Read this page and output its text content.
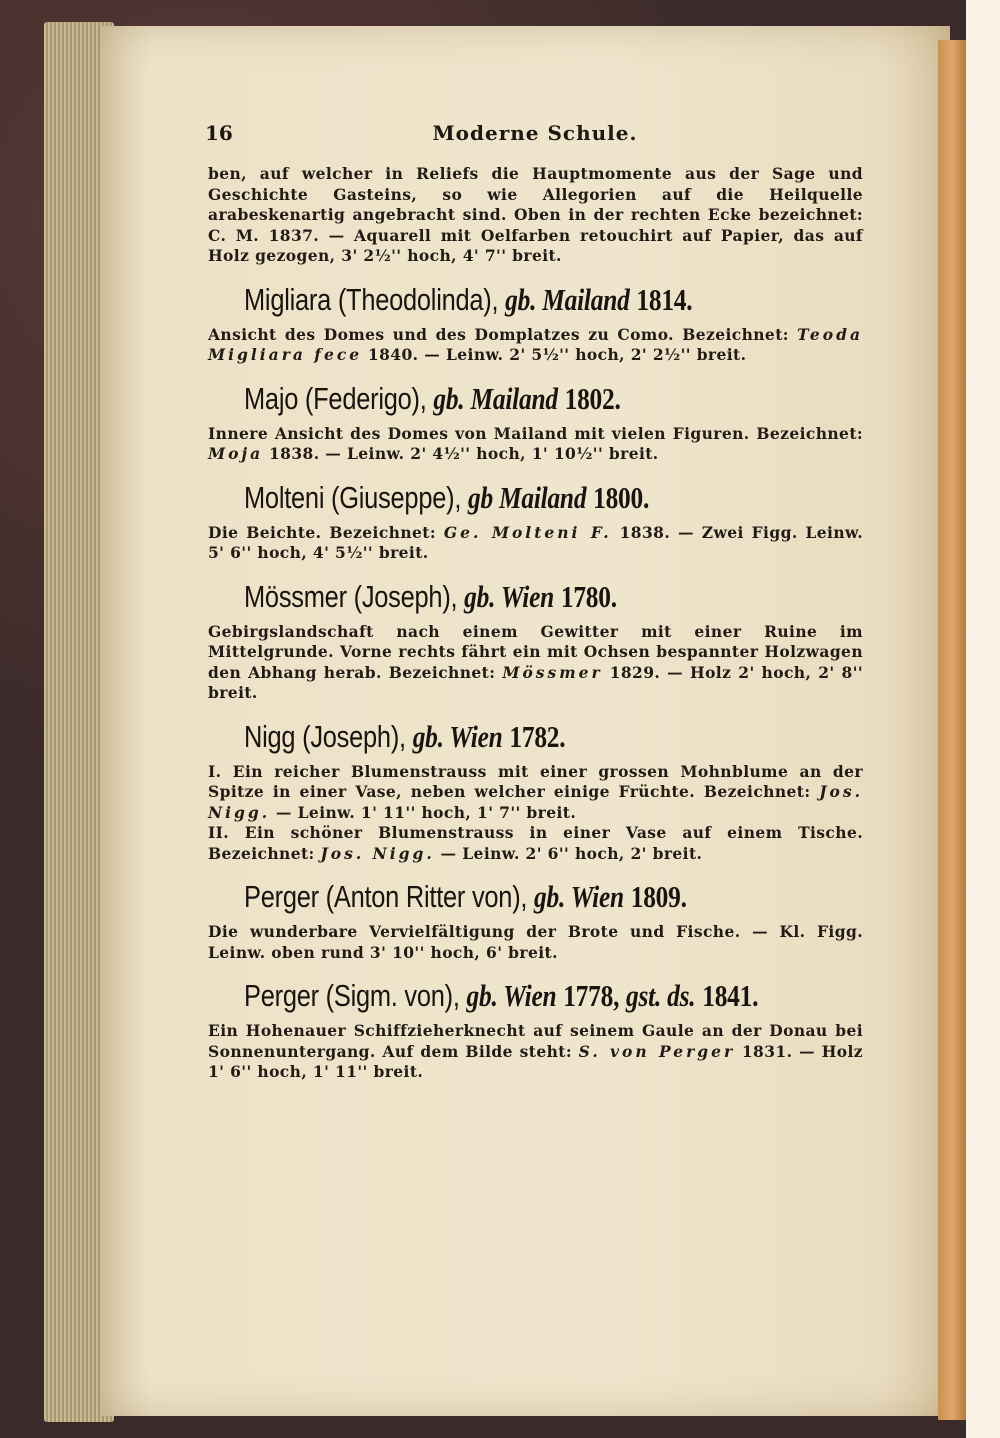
16	Moderne Schule.

ben, auf welcher in Reliefs die Hauptmomente aus der Sage und Geschichte Gasteins, so wie Allegorien auf die Heilquelle arabeskenartig angebracht sind. Oben in der rechten Ecke bezeichnet: C. M. 1837. — Aquarell mit Oelfarben retouchirt auf Papier, das auf Holz gezogen, 3' 2½'' hoch, 4' 7'' breit.

Migliara (Theodolinda), gb. Mailand 1814.

Ansicht des Domes und des Domplatzes zu Como. Bezeichnet: Teoda Migliara fece 1840. — Leinw. 2' 5½'' hoch, 2' 2½'' breit.

Majo (Federigo), gb. Mailand 1802.

Innere Ansicht des Domes von Mailand mit vielen Figuren. Bezeichnet: Moja 1838. — Leinw. 2' 4½'' hoch, 1' 10½'' breit.

Molteni (Giuseppe), gb Mailand 1800.

Die Beichte. Bezeichnet: Ge. Molteni F. 1838. — Zwei Figg. Leinw. 5' 6'' hoch, 4' 5½'' breit.

Mössmer (Joseph), gb. Wien 1780.

Gebirgslandschaft nach einem Gewitter mit einer Ruine im Mittelgrunde. Vorne rechts fährt ein mit Ochsen bespannter Holzwagen den Abhang herab. Bezeichnet: Mössmer 1829. — Holz 2' hoch, 2' 8'' breit.

Nigg (Joseph), gb. Wien 1782.

I. Ein reicher Blumenstrauss mit einer grossen Mohnblume an der Spitze in einer Vase, neben welcher einige Früchte. Bezeichnet: Jos. Nigg. — Leinw. 1' 11'' hoch, 1' 7'' breit.

II. Ein schöner Blumenstrauss in einer Vase auf einem Tische. Bezeichnet: Jos. Nigg. — Leinw. 2' 6'' hoch, 2' breit.

Perger (Anton Ritter von), gb. Wien 1809.

Die wunderbare Vervielfältigung der Brote und Fische. — Kl. Figg. Leinw. oben rund 3' 10'' hoch, 6' breit.

Perger (Sigm. von), gb. Wien 1778, gst. ds. 1841.

Ein Hohenauer Schiffzieherknecht auf seinem Gaule an der Donau bei Sonnenuntergang. Auf dem Bilde steht: S. von Perger 1831. — Holz 1' 6'' hoch, 1' 11'' breit.
